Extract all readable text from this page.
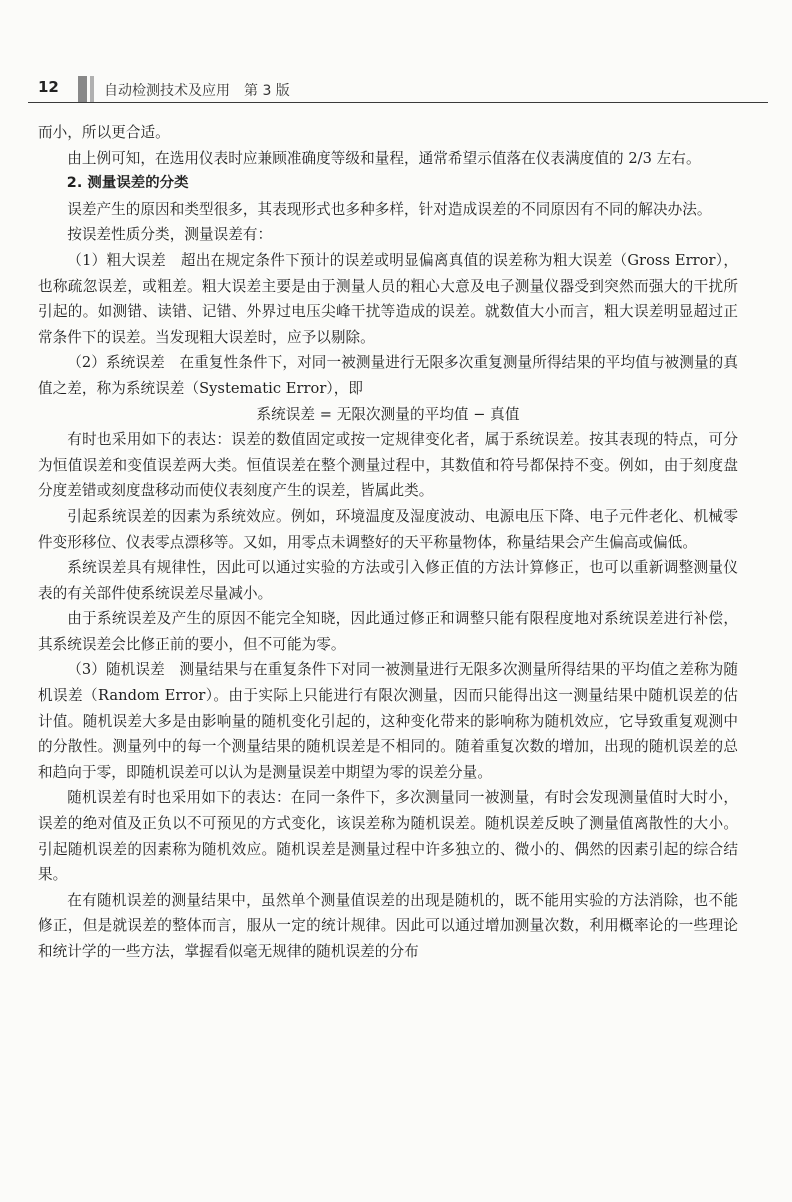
12	自动检测技术及应用　第 3 版

而小，所以更合适。

由上例可知，在选用仪表时应兼顾准确度等级和量程，通常希望示值落在仪表满度值的 2/3 左右。

2. 测量误差的分类

误差产生的原因和类型很多，其表现形式也多种多样，针对造成误差的不同原因有不同的解决办法。

按误差性质分类，测量误差有：

（1）粗大误差　超出在规定条件下预计的误差或明显偏离真值的误差称为粗大误差（Gross Error），也称疏忽误差，或粗差。粗大误差主要是由于测量人员的粗心大意及电子测量仪器受到突然而强大的干扰所引起的。如测错、读错、记错、外界过电压尖峰干扰等造成的误差。就数值大小而言，粗大误差明显超过正常条件下的误差。当发现粗大误差时，应予以剔除。

（2）系统误差　在重复性条件下，对同一被测量进行无限多次重复测量所得结果的平均值与被测量的真值之差，称为系统误差（Systematic Error），即

系统误差 = 无限次测量的平均值 − 真值

有时也采用如下的表达：误差的数值固定或按一定规律变化者，属于系统误差。按其表现的特点，可分为恒值误差和变值误差两大类。恒值误差在整个测量过程中，其数值和符号都保持不变。例如，由于刻度盘分度差错或刻度盘移动而使仪表刻度产生的误差，皆属此类。

引起系统误差的因素为系统效应。例如，环境温度及湿度波动、电源电压下降、电子元件老化、机械零件变形移位、仪表零点漂移等。又如，用零点未调整好的天平称量物体，称量结果会产生偏高或偏低。

系统误差具有规律性，因此可以通过实验的方法或引入修正值的方法计算修正，也可以重新调整测量仪表的有关部件使系统误差尽量减小。

由于系统误差及产生的原因不能完全知晓，因此通过修正和调整只能有限程度地对系统误差进行补偿，其系统误差会比修正前的要小，但不可能为零。

（3）随机误差　测量结果与在重复条件下对同一被测量进行无限多次测量所得结果的平均值之差称为随机误差（Random Error）。由于实际上只能进行有限次测量，因而只能得出这一测量结果中随机误差的估计值。随机误差大多是由影响量的随机变化引起的，这种变化带来的影响称为随机效应，它导致重复观测中的分散性。测量列中的每一个测量结果的随机误差是不相同的。随着重复次数的增加，出现的随机误差的总和趋向于零，即随机误差可以认为是测量误差中期望为零的误差分量。

随机误差有时也采用如下的表达：在同一条件下，多次测量同一被测量，有时会发现测量值时大时小，误差的绝对值及正负以不可预见的方式变化，该误差称为随机误差。随机误差反映了测量值离散性的大小。引起随机误差的因素称为随机效应。随机误差是测量过程中许多独立的、微小的、偶然的因素引起的综合结果。

在有随机误差的测量结果中，虽然单个测量值误差的出现是随机的，既不能用实验的方法消除，也不能修正，但是就误差的整体而言，服从一定的统计规律。因此可以通过增加测量次数，利用概率论的一些理论和统计学的一些方法，掌握看似毫无规律的随机误差的分布
